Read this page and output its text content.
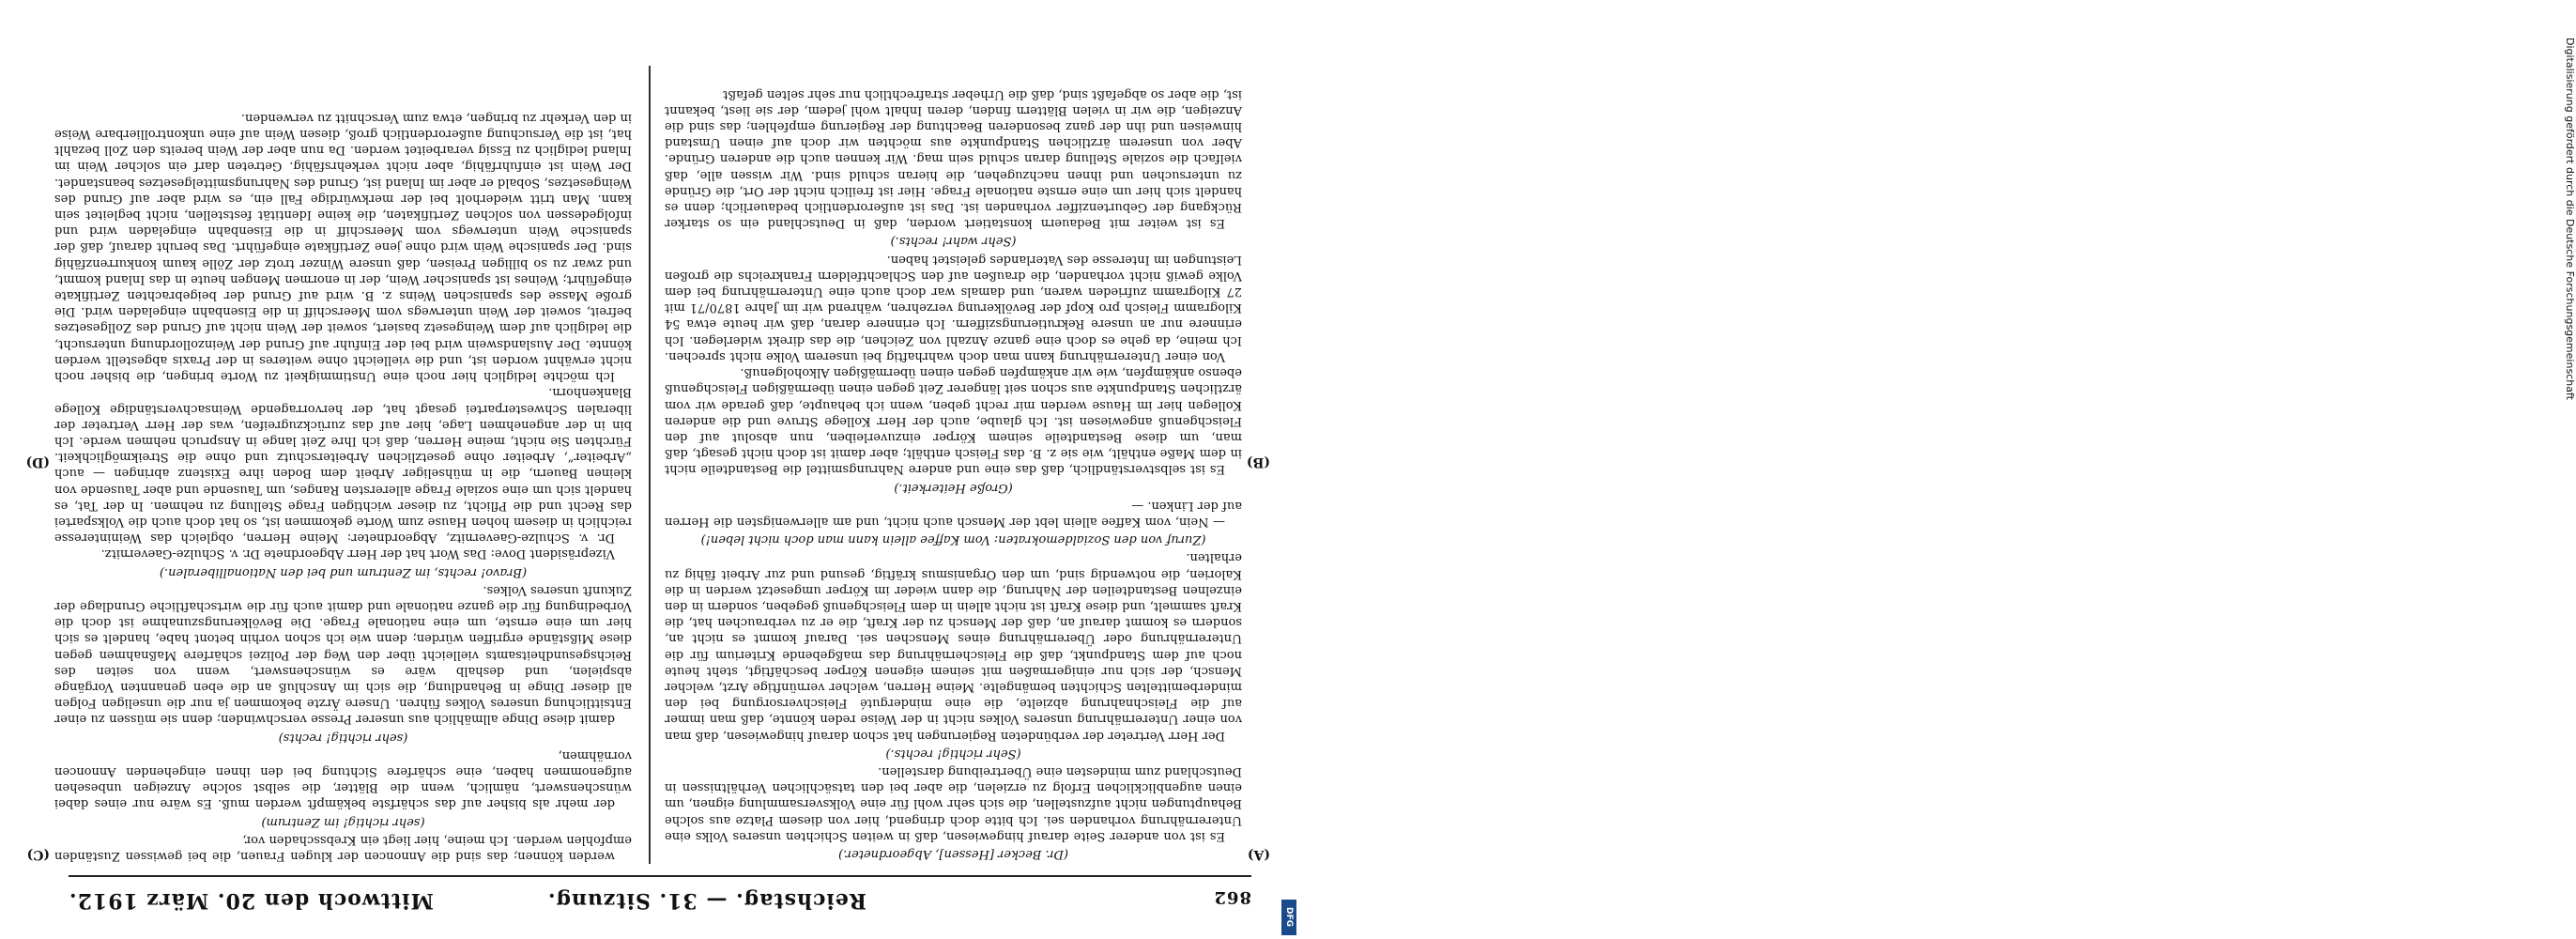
862
Reichstag. — 31. Sitzung.
Mittwoch den 20. März 1912.
(A)
(B)
(C)
(D)

(Dr. Becker [Hessen], Abgeordneter.)

Es ist von anderer Seite darauf hingewiesen, daß in weiten Schichten unseres Volks eine Unterernährung vorhanden sei. Ich bitte doch dringend, hier von diesem Platze aus solche Behauptungen nicht aufzustellen, die sich sehr wohl für eine Volksversammlung eignen, um einen augenblicklichen Erfolg zu erzielen, die aber bei den tatsächlichen Verhältnissen in Deutschland zum mindesten eine Übertreibung darstellen.

(Sehr richtig! rechts.)

Der Herr Vertreter der verbündeten Regierungen hat schon darauf hingewiesen, daß man von einer Unterernährung unseres Volkes nicht in der Weise reden könnte, daß man immer auf die Fleischnahrung abzielte, die eine minderguté Fleischversorgung bei den minderbemittelten Schichten bemängelte. Meine Herren, welcher vernünftige Arzt, welcher Mensch, der sich nur einigermaßen mit seinem eigenen Körper beschäftigt, steht heute noch auf dem Standpunkt, daß die Fleischernährung das maßgebende Kriterium für die Unterernährung oder Überernährung eines Menschen sei. Darauf kommt es nicht an, sondern es kommt darauf an, daß der Mensch zu der Kraft, die er zu verbrauchen hat, die Kraft sammelt, und diese Kraft ist nicht allein in dem Fleischgenuß gegeben, sondern in den einzelnen Bestandteilen der Nahrung, die dann wieder im Körper umgesetzt werden in die Kalorien, die notwendig sind, um den Organismus kräftig, gesund und zur Arbeit fähig zu erhalten.

(Zuruf von den Sozialdemokraten: Vom Kaffee allein kann man doch nicht leben!)

— Nein, vom Kaffee allein lebt der Mensch auch nicht, und am allerwenigsten die Herren auf der Linken. —

(Große Heiterkeit.)

Es ist selbstverständlich, daß das eine und andere Nahrungsmittel die Bestandteile nicht in dem Maße enthält, wie sie z. B. das Fleisch enthält; aber damit ist doch nicht gesagt, daß man, um diese Bestandteile seinem Körper einzuverleiben, nun absolut auf den Fleischgenuß angewiesen ist. Ich glaube, auch der Herr Kollege Struve und die anderen Kollegen hier im Hause werden mir recht geben, wenn ich behaupte, daß gerade wir vom ärztlichen Standpunkte aus schon seit längerer Zeit gegen einen übermäßigen Fleischgenuß ebenso ankämpfen, wie wir ankämpfen gegen einen übermäßigen Alkoholgenuß.

Von einer Unterernährung kann man doch wahrhaftig bei unserem Volke nicht sprechen. Ich meine, da gehe es doch eine ganze Anzahl von Zeichen, die das direkt widerlegen. Ich erinnere nur an unsere Rekrutierungsziffern. Ich erinnere daran, daß wir heute etwa 54 Kilogramm Fleisch pro Kopf der Bevölkerung verzehren, während wir im Jahre 1870/71 mit 27 Kilogramm zufrieden waren, und damals war doch auch eine Unterernährung bei dem Volke gewiß nicht vorhanden, die draußen auf den Schlachtfeldern Frankreichs die großen Leistungen im Interesse des Vaterlandes geleistet haben.

(Sehr wahr! rechts.)

Es ist weiter mit Bedauern konstatiert worden, daß in Deutschland ein so starker Rückgang der Geburtenziffer vorhanden ist. Das ist außerordentlich bedauerlich; denn es handelt sich hier um eine ernste nationale Frage. Hier ist freilich nicht der Ort, die Gründe zu untersuchen und ihnen nachzugehen, die hieran schuld sind. Wir wissen alle, daß vielfach die soziale Stellung daran schuld sein mag. Wir kennen auch die anderen Gründe. Aber von unserem ärztlichen Standpunkte aus möchten wir doch auf einen Umstand hinweisen und ihn der ganz besonderen Beachtung der Regierung empfehlen; das sind die Anzeigen, die wir in vielen Blättern finden, deren Inhalt wohl jedem, der sie liest, bekannt ist, die aber so abgefaßt sind, daß die Urheber strafrechtlich nur sehr selten gefaßt

werden können; das sind die Annoncen der klugen Frauen, die bei gewissen Zuständen empfohlen werden. Ich meine, hier liegt ein Krebsschaden vor,

(sehr richtig! im Zentrum)

der mehr als bisher auf das schärfste bekämpft werden muß. Es wäre nur eines dabei wünschenswert, nämlich, wenn die Blätter, die selbst solche Anzeigen unbesehen aufgenommen haben, eine schärfere Sichtung bei den ihnen eingehenden Annoncen vornähmen,

(sehr richtig! rechts)

damit diese Dinge allmählich aus unserer Presse verschwinden; denn sie müssen zu einer Entsittlichung unseres Volkes führen. Unsere Ärzte bekommen ja nur die unseligen Folgen all dieser Dinge in Behandlung, die sich im Anschluß an die eben genannten Vorgänge abspielen, und deshalb wäre es wünschenswert, wenn von seiten des Reichsgesundheitsamts vielleicht über den Weg der Polizei schärfere Maßnahmen gegen diese Mißstände ergriffen würden; denn wie ich schon vorhin betont habe, handelt es sich hier um eine ernste, um eine nationale Frage. Die Bevölkerungszunahme ist doch die Vorbedingung für die ganze nationale und damit auch für die wirtschaftliche Grundlage der Zukunft unseres Volkes.

(Bravo! rechts, im Zentrum und bei den Nationalliberalen.)

Vizepräsident Dove: Das Wort hat der Herr Abgeordnete Dr. v. Schulze-Gaevernitz.

Dr. v. Schulze-Gaevernitz, Abgeordneter: Meine Herren, obgleich das Weininteresse reichlich in diesem hohen Hause zum Worte gekommen ist, so hat doch auch die Volkspartei das Recht und die Pflicht, zu dieser wichtigen Frage Stellung zu nehmen. In der Tat, es handelt sich um eine soziale Frage allerersten Ranges, um Tausende und aber Tausende von kleinen Bauern, die in mühseliger Arbeit dem Boden ihre Existenz abringen — auch „Arbeiter“, Arbeiter ohne gesetzlichen Arbeiterschutz und ohne die Streikmöglichkeit. Fürchten Sie nicht, meine Herren, daß ich Ihre Zeit lange in Anspruch nehmen werde. Ich bin in der angenehmen Lage, hier auf das zurückzugreifen, was der Herr Vertreter der liberalen Schwesterpartei gesagt hat, der hervorragende Weinsachverständige Kollege Blankenhorn.

Ich möchte lediglich hier noch eine Unstimmigkeit zu Worte bringen, die bisher noch nicht erwähnt worden ist, und die vielleicht ohne weiteres in der Praxis abgestellt werden könnte. Der Auslandswein wird bei der Einfuhr auf Grund der Weinzollordnung untersucht, die lediglich auf dem Weingesetz basiert, soweit der Wein nicht auf Grund des Zollgesetzes befreit, soweit der Wein unterwegs vom Meerschiff in die Eisenbahn eingeladen wird. Die große Masse des spanischen Weins z. B. wird auf Grund der beigebrachten Zertifikate eingeführt; Weines ist spanischer Wein, der in enormen Mengen heute in das Inland kommt, und zwar zu so billigen Preisen, daß unsere Winzer trotz der Zölle kaum konkurrenzfähig sind. Der spanische Wein wird ohne jene Zertifikate eingeführt. Das beruht darauf, daß der spanische Wein unterwegs vom Meerschiff in die Eisenbahn eingeladen wird und infolgedessen von solchen Zertifikaten, die keine Identität feststellen, nicht begleitet sein kann. Man tritt wiederholt bei der merkwürdige Fall ein, es wird aber auf Grund des Weingesetzes, Sobald er aber im Inland ist, Grund des Nahrungsmittelgesetzes beanstandet. Der Wein ist einfuhrfähig, aber nicht verkehrsfähig. Getreten darf ein solcher Wein im Inland lediglich zu Essig verarbeitet werden. Da nun aber der Wein bereits den Zoll bezahlt hat, ist die Versuchung außerordentlich groß, diesen Wein auf eine unkontrollierbare Weise in den Verkehr zu bringen, etwa zum Verschnitt zu verwenden.	Digitalisierung gefördert durch die Deutsche Forschungsgemeinschaft
DFG
